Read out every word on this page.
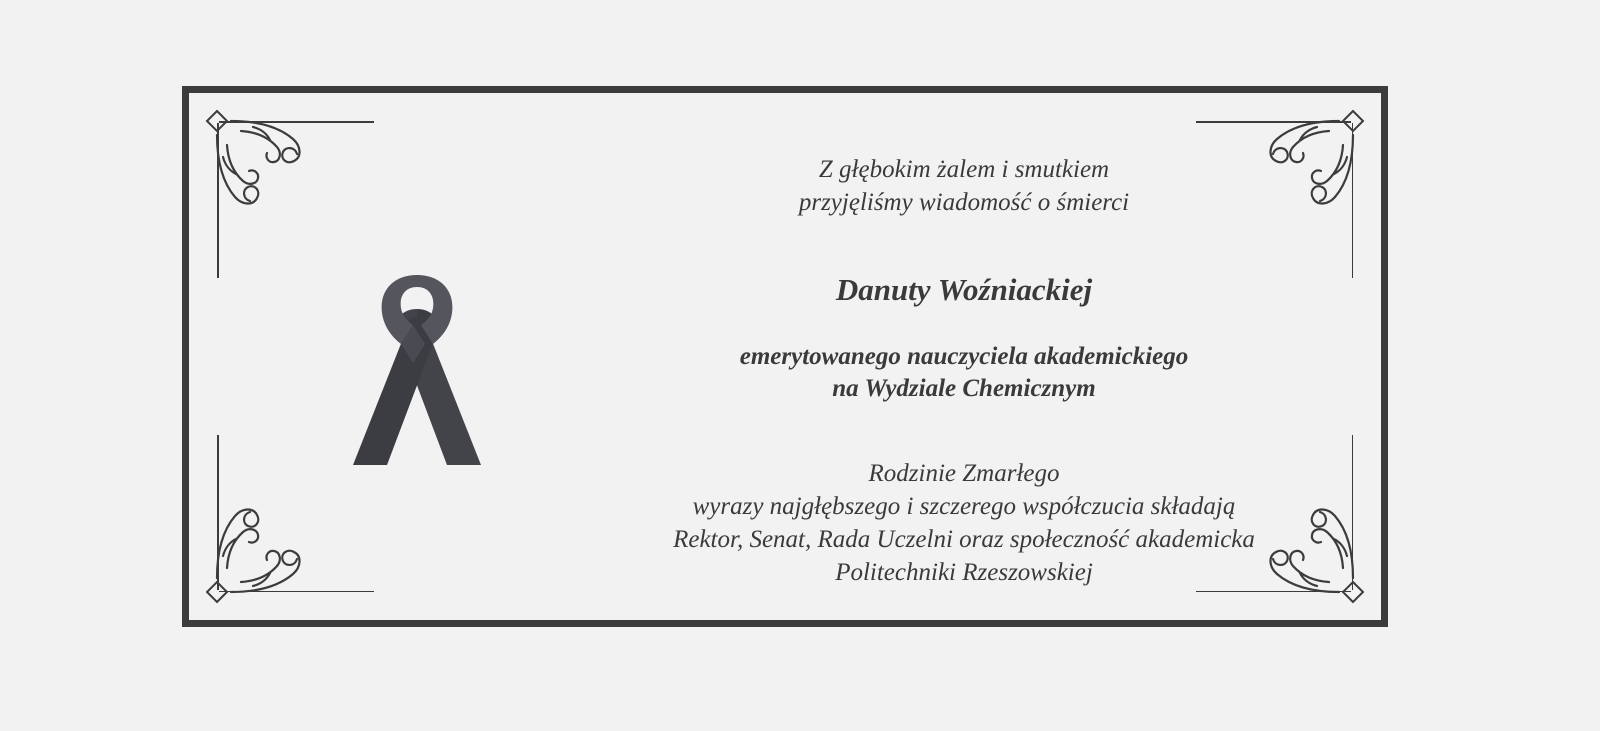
Z głębokim żalem i smutkiem
przyjęliśmy wiadomość o śmierci
Danuty Woźniackiej
emerytowanego nauczyciela akademickiego
na Wydziale Chemicznym
Rodzinie Zmarłego
wyrazy najgłębszego i szczerego współczucia składają
Rektor, Senat, Rada Uczelni oraz społeczność akademicka
Politechniki Rzeszowskiej
